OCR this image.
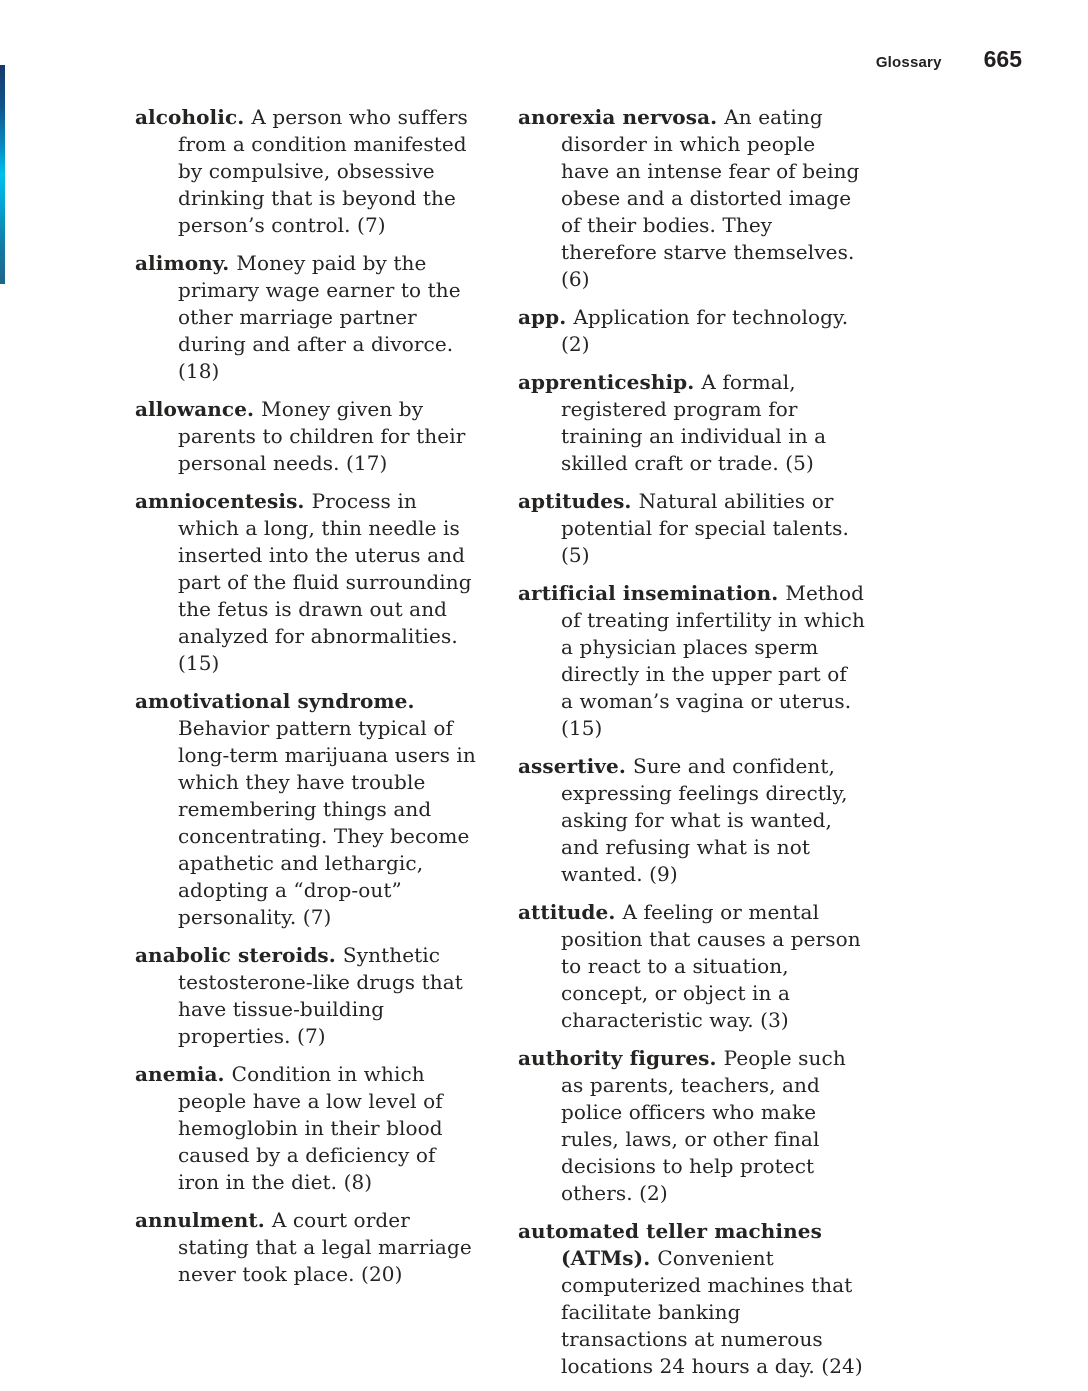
Glossary 665

alcoholic. A person who suffers from a condition manifested by compulsive, obsessive drinking that is beyond the person’s control. (7)

alimony. Money paid by the primary wage earner to the other marriage partner during and after a divorce. (18)

allowance. Money given by parents to children for their personal needs. (17)

amniocentesis. Process in which a long, thin needle is inserted into the uterus and part of the fluid surrounding the fetus is drawn out and analyzed for abnormalities. (15)

amotivational syndrome. Behavior pattern typical of long-term marijuana users in which they have trouble remembering things and concentrating. They become apathetic and lethargic, adopting a “drop-out” personality. (7)

anabolic steroids. Synthetic testosterone-like drugs that have tissue-building properties. (7)

anemia. Condition in which people have a low level of hemoglobin in their blood caused by a deficiency of iron in the diet. (8)

annulment. A court order stating that a legal marriage never took place. (20)

anorexia nervosa. An eating disorder in which people have an intense fear of being obese and a distorted image of their bodies. They therefore starve themselves. (6)

app. Application for technology. (2)

apprenticeship. A formal, registered program for training an individual in a skilled craft or trade. (5)

aptitudes. Natural abilities or potential for special talents. (5)

artificial insemination. Method of treating infertility in which a physician places sperm directly in the upper part of a woman’s vagina or uterus. (15)

assertive. Sure and confident, expressing feelings directly, asking for what is wanted, and refusing what is not wanted. (9)

attitude. A feeling or mental position that causes a person to react to a situation, concept, or object in a characteristic way. (3)

authority figures. People such as parents, teachers, and police officers who make rules, laws, or other final decisions to help protect others. (2)

automated teller machines (ATMs). Convenient computerized machines that facilitate banking transactions at numerous locations 24 hours a day. (24)
